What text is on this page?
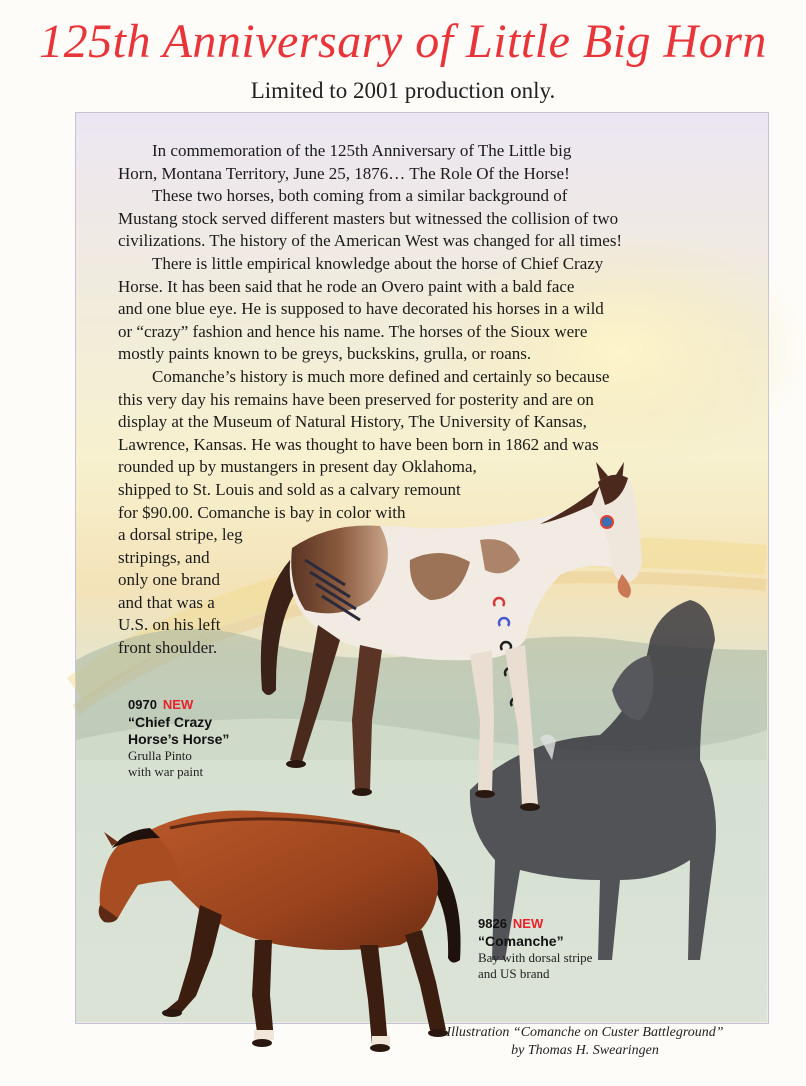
125th Anniversary of Little Big Horn
Limited to 2001 production only.

In commemoration of the 125th Anniversary of The Little big

Horn, Montana Territory, June 25, 1876… The Role Of the Horse!

These two horses, both coming from a similar background of

Mustang stock served different masters but witnessed the collision of two
civilizations. The history of the American West was changed for all times!

There is little empirical knowledge about the horse of Chief Crazy

Horse. It has been said that he rode an Overo paint with a bald face
and one blue eye. He is supposed to have decorated his horses in a wild
or “crazy” fashion and hence his name. The horses of the Sioux were
mostly paints known to be greys, buckskins, grulla, or roans.

Comanche’s history is much more defined and certainly so because

this very day his remains have been preserved for posterity and are on
display at the Museum of Natural History, The University of Kansas,
Lawrence, Kansas. He was thought to have been born in 1862 and was
rounded up by mustangers in present day Oklahoma,
shipped to St. Louis and sold as a calvary remount
for $90.00. Comanche is bay in color with
a dorsal stripe, leg
stripings, and
only one brand
and that was a
U.S. on his left
front shoulder.
0970 NEW
“Chief Crazy
Horse’s Horse”
Grulla Pinto
with war paint
9826 NEW
“Comanche”
Bay with dorsal stripe
and US brand
Illustration “Comanche on Custer Battleground”
by Thomas H. Swearingen
